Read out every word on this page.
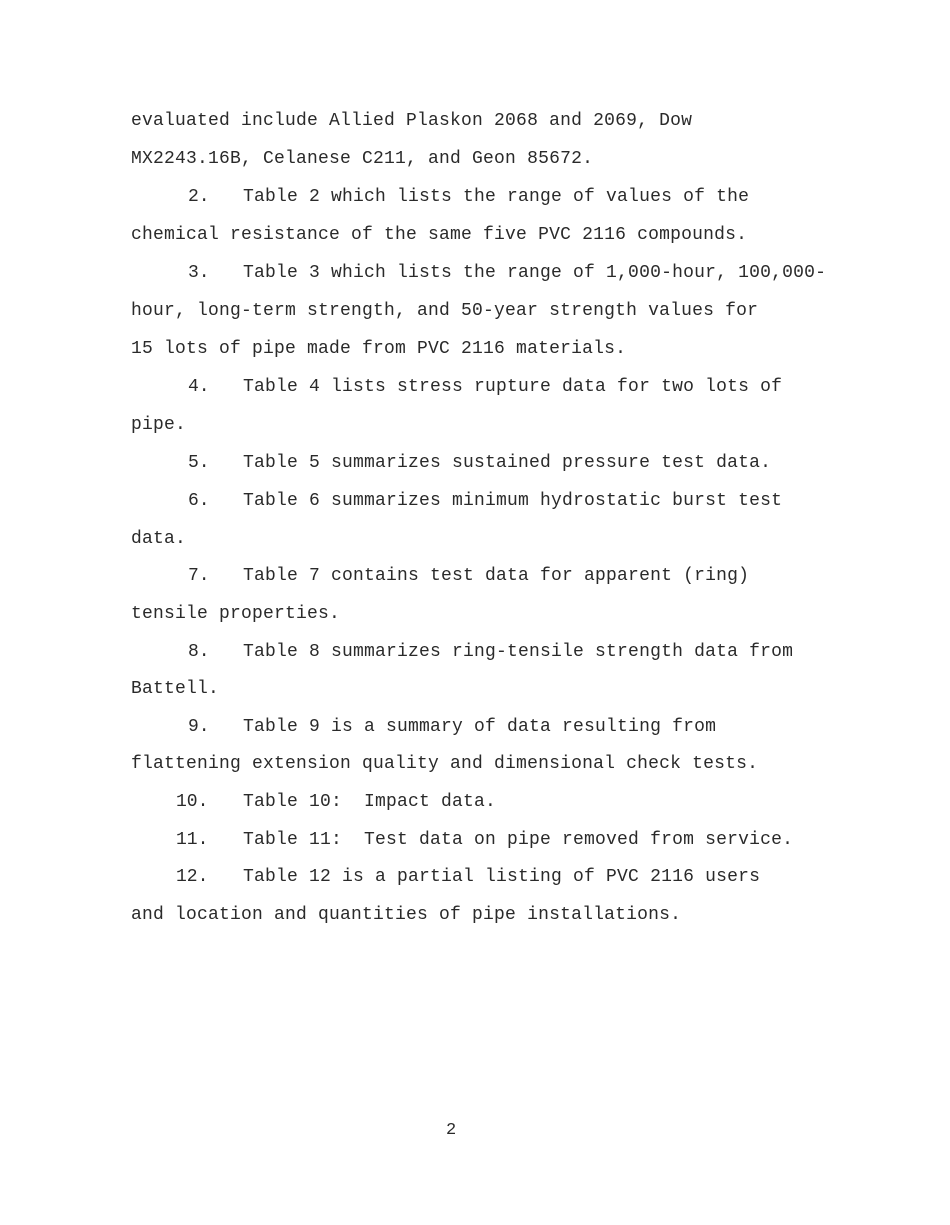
evaluated include Allied Plaskon 2068 and 2069, Dow
MX2243.16B, Celanese C211, and Geon 85672.
2. Table 2 which lists the range of values of the
chemical resistance of the same five PVC 2116 compounds.
3. Table 3 which lists the range of 1,000-hour, 100,000-
hour, long-term strength, and 50-year strength values for
15 lots of pipe made from PVC 2116 materials.
4. Table 4 lists stress rupture data for two lots of
pipe.
5. Table 5 summarizes sustained pressure test data.
6. Table 6 summarizes minimum hydrostatic burst test
data.
7. Table 7 contains test data for apparent (ring)
tensile properties.
8. Table 8 summarizes ring-tensile strength data from
Battell.
9. Table 9 is a summary of data resulting from
flattening extension quality and dimensional check tests.
10. Table 10:  Impact data.
11. Table 11:  Test data on pipe removed from service.
12. Table 12 is a partial listing of PVC 2116 users
and location and quantities of pipe installations.
2
